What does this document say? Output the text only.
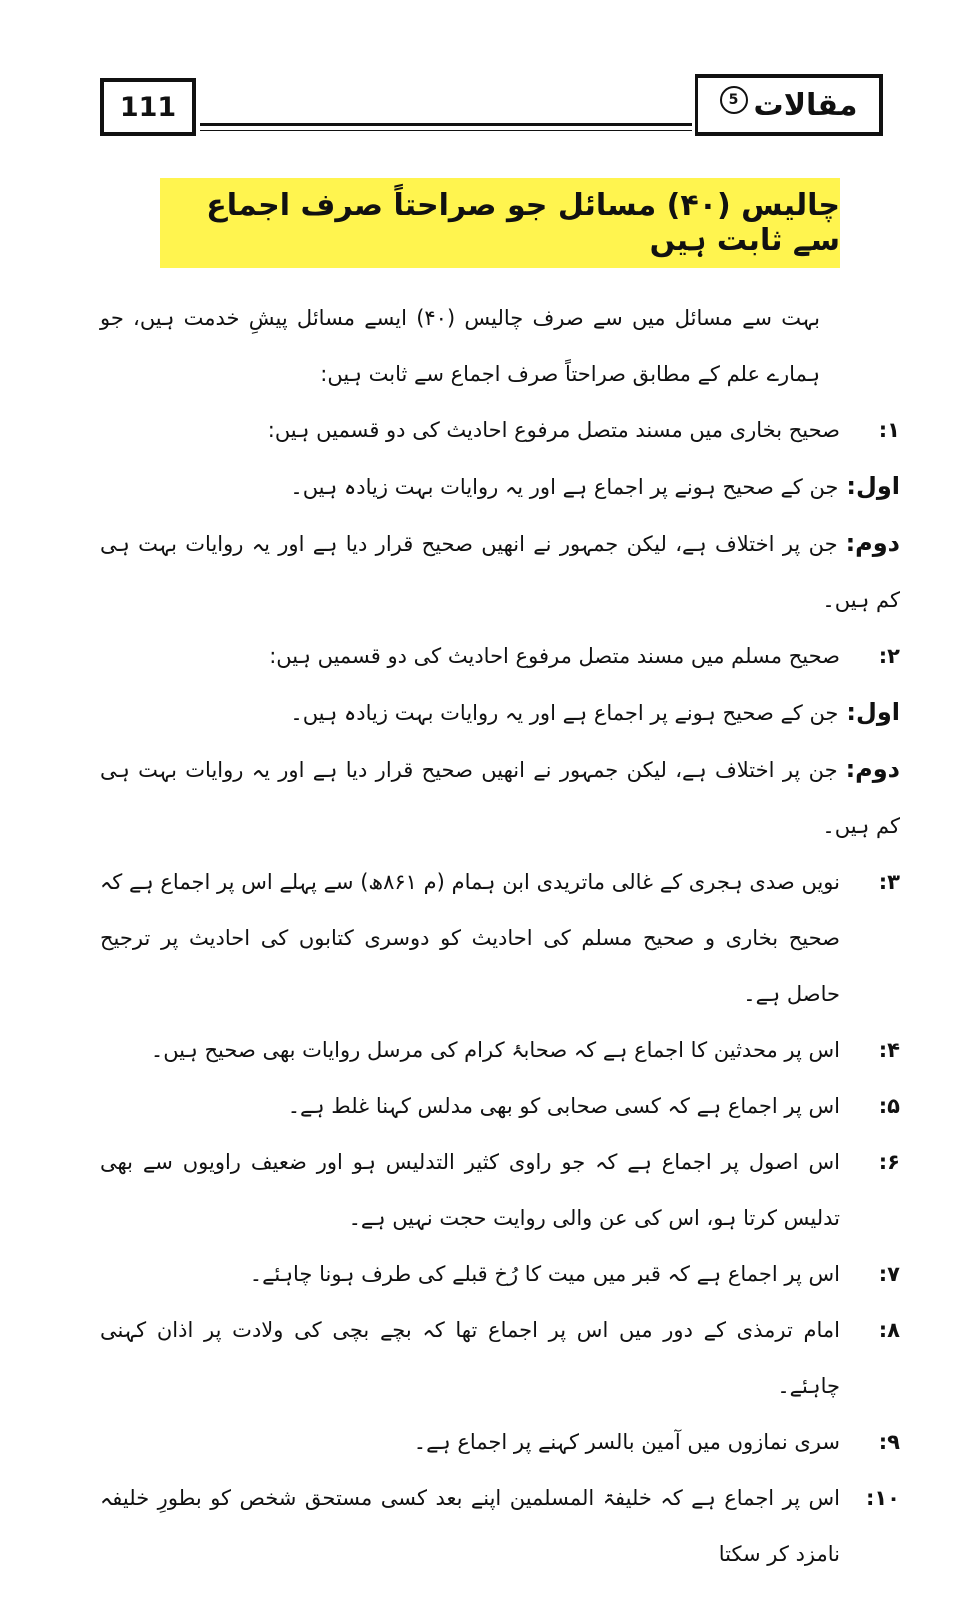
111	مقالات
5
چالیس (۴۰) مسائل جو صراحتاً صرف اجماع سے ثابت ہیں

بہت سے مسائل میں سے صرف چالیس (۴۰) ایسے مسائل پیشِ خدمت ہیں، جو ہمارے علم کے مطابق صراحتاً صرف اجماع سے ثابت ہیں:

۱:
صحیح بخاری میں مسند متصل مرفوع احادیث کی دو قسمیں ہیں:

اول:جن کے صحیح ہونے پر اجماع ہے اور یہ روایات بہت زیادہ ہیں۔

دوم:جن پر اختلاف ہے، لیکن جمہور نے انھیں صحیح قرار دیا ہے اور یہ روایات بہت ہی کم ہیں۔

۲:
صحیح مسلم میں مسند متصل مرفوع احادیث کی دو قسمیں ہیں:

اول:جن کے صحیح ہونے پر اجماع ہے اور یہ روایات بہت زیادہ ہیں۔

دوم:جن پر اختلاف ہے، لیکن جمہور نے انھیں صحیح قرار دیا ہے اور یہ روایات بہت ہی کم ہیں۔

۳:
نویں صدی ہجری کے غالی ماتریدی ابن ہمام (م ۸۶۱ھ) سے پہلے اس پر اجماع ہے کہ صحیح بخاری و صحیح مسلم کی احادیث کو دوسری کتابوں کی احادیث پر ترجیح حاصل ہے۔
۴:
اس پر محدثین کا اجماع ہے کہ صحابۂ کرام کی مرسل روایات بھی صحیح ہیں۔
۵:
اس پر اجماع ہے کہ کسی صحابی کو بھی مدلس کہنا غلط ہے۔
۶:
اس اصول پر اجماع ہے کہ جو راوی کثیر التدلیس ہو اور ضعیف راویوں سے بھی تدلیس کرتا ہو، اس کی عن والی روایت حجت نہیں ہے۔
۷:
اس پر اجماع ہے کہ قبر میں میت کا رُخ قبلے کی طرف ہونا چاہئے۔
۸:
امام ترمذی کے دور میں اس پر اجماع تھا کہ بچے بچی کی ولادت پر اذان کہنی چاہئے۔
۹:
سری نمازوں میں آمین بالسر کہنے پر اجماع ہے۔
۱۰:
اس پر اجماع ہے کہ خلیفۃ المسلمین اپنے بعد کسی مستحق شخص کو بطورِ خلیفہ نامزد کر سکتا
